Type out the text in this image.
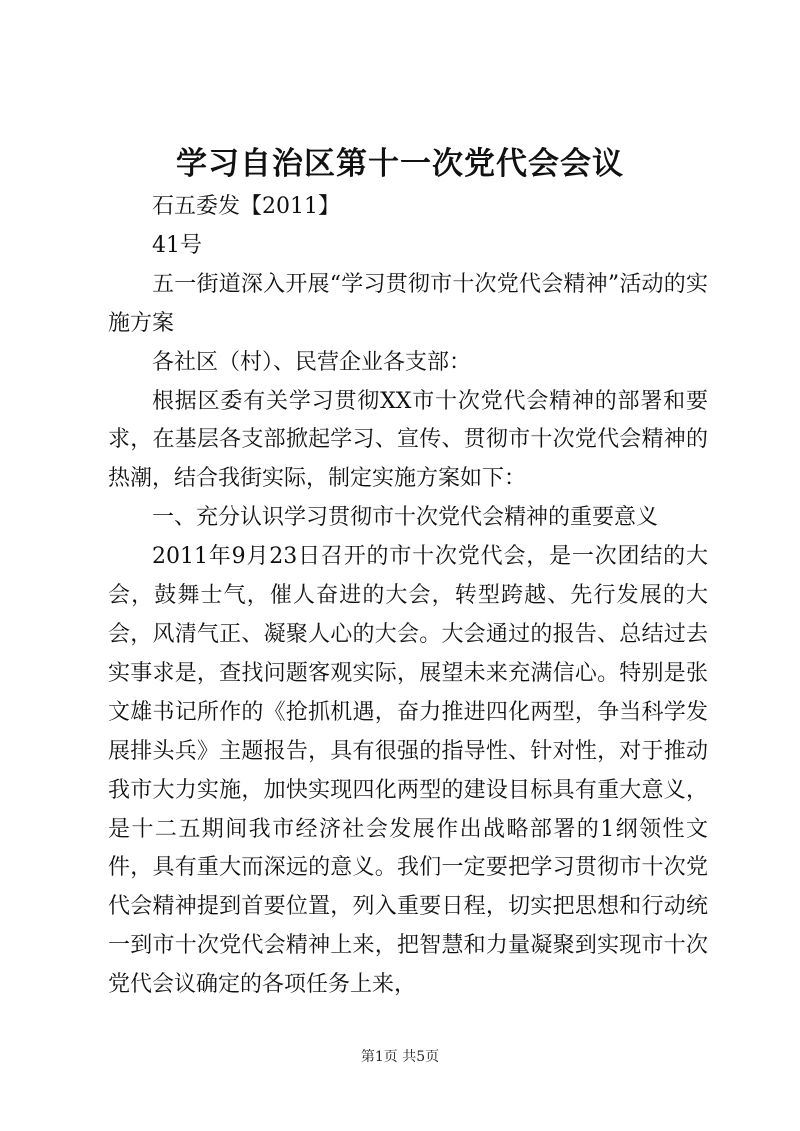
学习自治区第十一次党代会会议

石五委发【2011】

41号

五一街道深入开展“学习贯彻市十次党代会精神”活动的实施方案

各社区（村）、民营企业各支部：

根据区委有关学习贯彻XX市十次党代会精神的部署和要求，在基层各支部掀起学习、宣传、贯彻市十次党代会精神的热潮，结合我街实际，制定实施方案如下：

一、充分认识学习贯彻市十次党代会精神的重要意义

2011年9月23日召开的市十次党代会，是一次团结的大会，鼓舞士气，催人奋进的大会，转型跨越、先行发展的大会，风清气正、凝聚人心的大会。大会通过的报告、总结过去实事求是，查找问题客观实际，展望未来充满信心。特别是张文雄书记所作的《抢抓机遇，奋力推进四化两型，争当科学发展排头兵》主题报告，具有很强的指导性、针对性，对于推动我市大力实施，加快实现四化两型的建设目标具有重大意义，是十二五期间我市经济社会发展作出战略部署的1纲领性文件，具有重大而深远的意义。我们一定要把学习贯彻市十次党代会精神提到首要位置，列入重要日程，切实把思想和行动统一到市十次党代会精神上来，把智慧和力量凝聚到实现市十次党代会议确定的各项任务上来，

第1页 共5页
